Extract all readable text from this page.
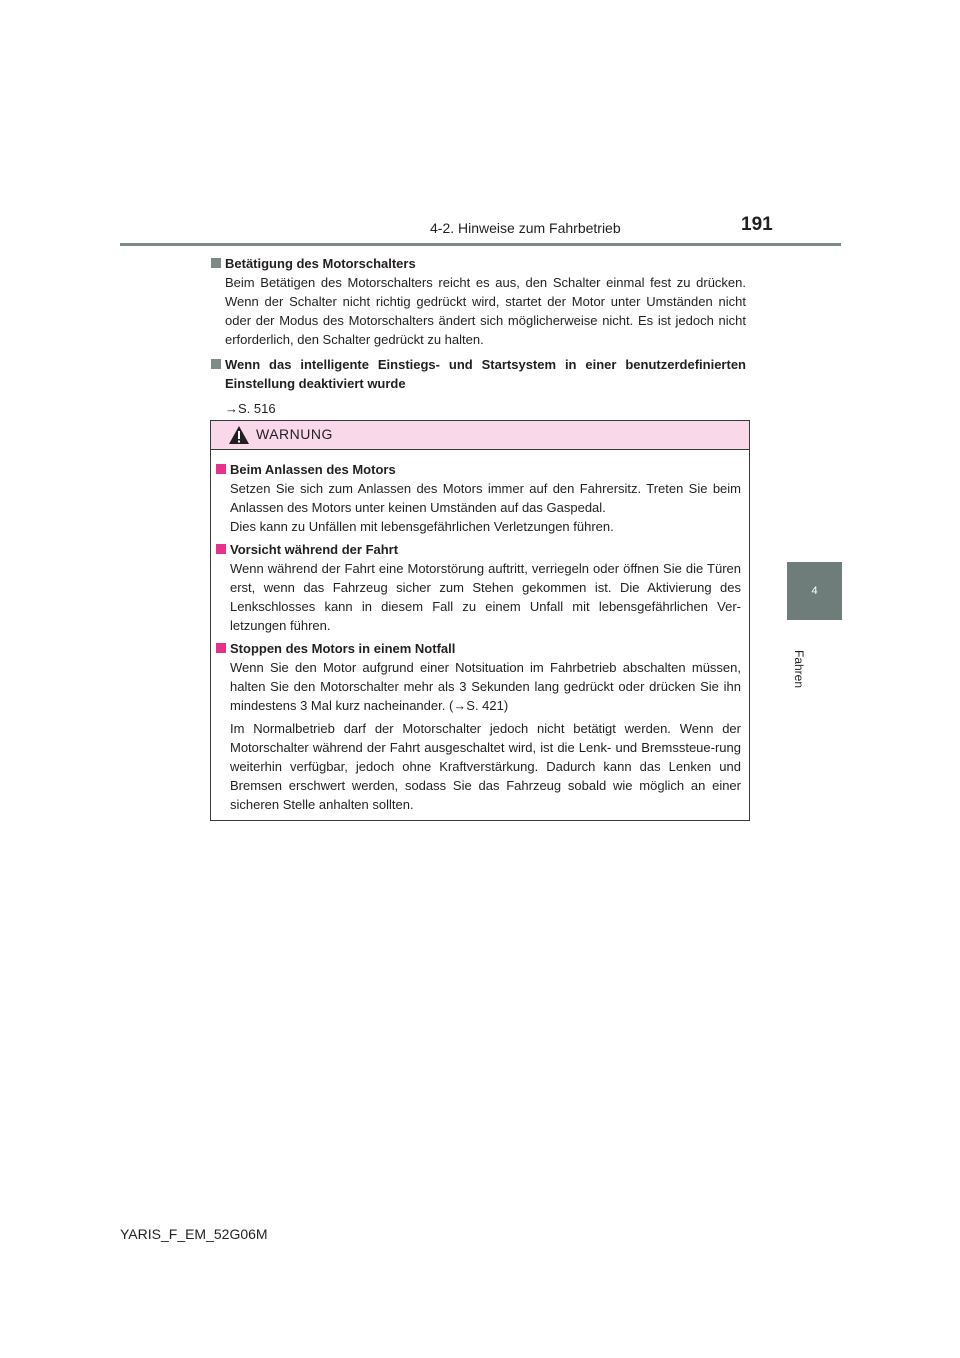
4-2. Hinweise zum Fahrbetrieb	191
4
Fahren
Betätigung des Motorschalters

Beim Betätigen des Motorschalters reicht es aus, den Schalter einmal fest zu drücken. Wenn der Schalter nicht richtig gedrückt wird, startet der Motor unter Umständen nicht oder der Modus des Motorschalters ändert sich möglicherweise nicht. Es ist jedoch nicht erforderlich, den Schalter gedrückt zu halten.

Wenn das intelligente Einstiegs- und Startsystem in einer benutzerdefinierten Einstellung deaktiviert wurde
→S. 516
WARNUNG
Beim Anlassen des Motors

Setzen Sie sich zum Anlassen des Motors immer auf den Fahrersitz. Treten Sie beim Anlassen des Motors unter keinen Umständen auf das Gaspedal.

Dies kann zu Unfällen mit lebensgefährlichen Verletzungen führen.

Vorsicht während der Fahrt

Wenn während der Fahrt eine Motorstörung auftritt, verriegeln oder öffnen Sie die Türen erst, wenn das Fahrzeug sicher zum Stehen gekommen ist. Die Aktivierung des Lenkschlosses kann in diesem Fall zu einem Unfall mit lebensgefährlichen Ver-letzungen führen.

Stoppen des Motors in einem Notfall

Wenn Sie den Motor aufgrund einer Notsituation im Fahrbetrieb abschalten müssen, halten Sie den Motorschalter mehr als 3 Sekunden lang gedrückt oder drücken Sie ihn mindestens 3 Mal kurz nacheinander. (→S. 421)

Im Normalbetrieb darf der Motorschalter jedoch nicht betätigt werden. Wenn der Motorschalter während der Fahrt ausgeschaltet wird, ist die Lenk- und Bremssteue-rung weiterhin verfügbar, jedoch ohne Kraftverstärkung. Dadurch kann das Lenken und Bremsen erschwert werden, sodass Sie das Fahrzeug sobald wie möglich an einer sicheren Stelle anhalten sollten.

YARIS_F_EM_52G06M
